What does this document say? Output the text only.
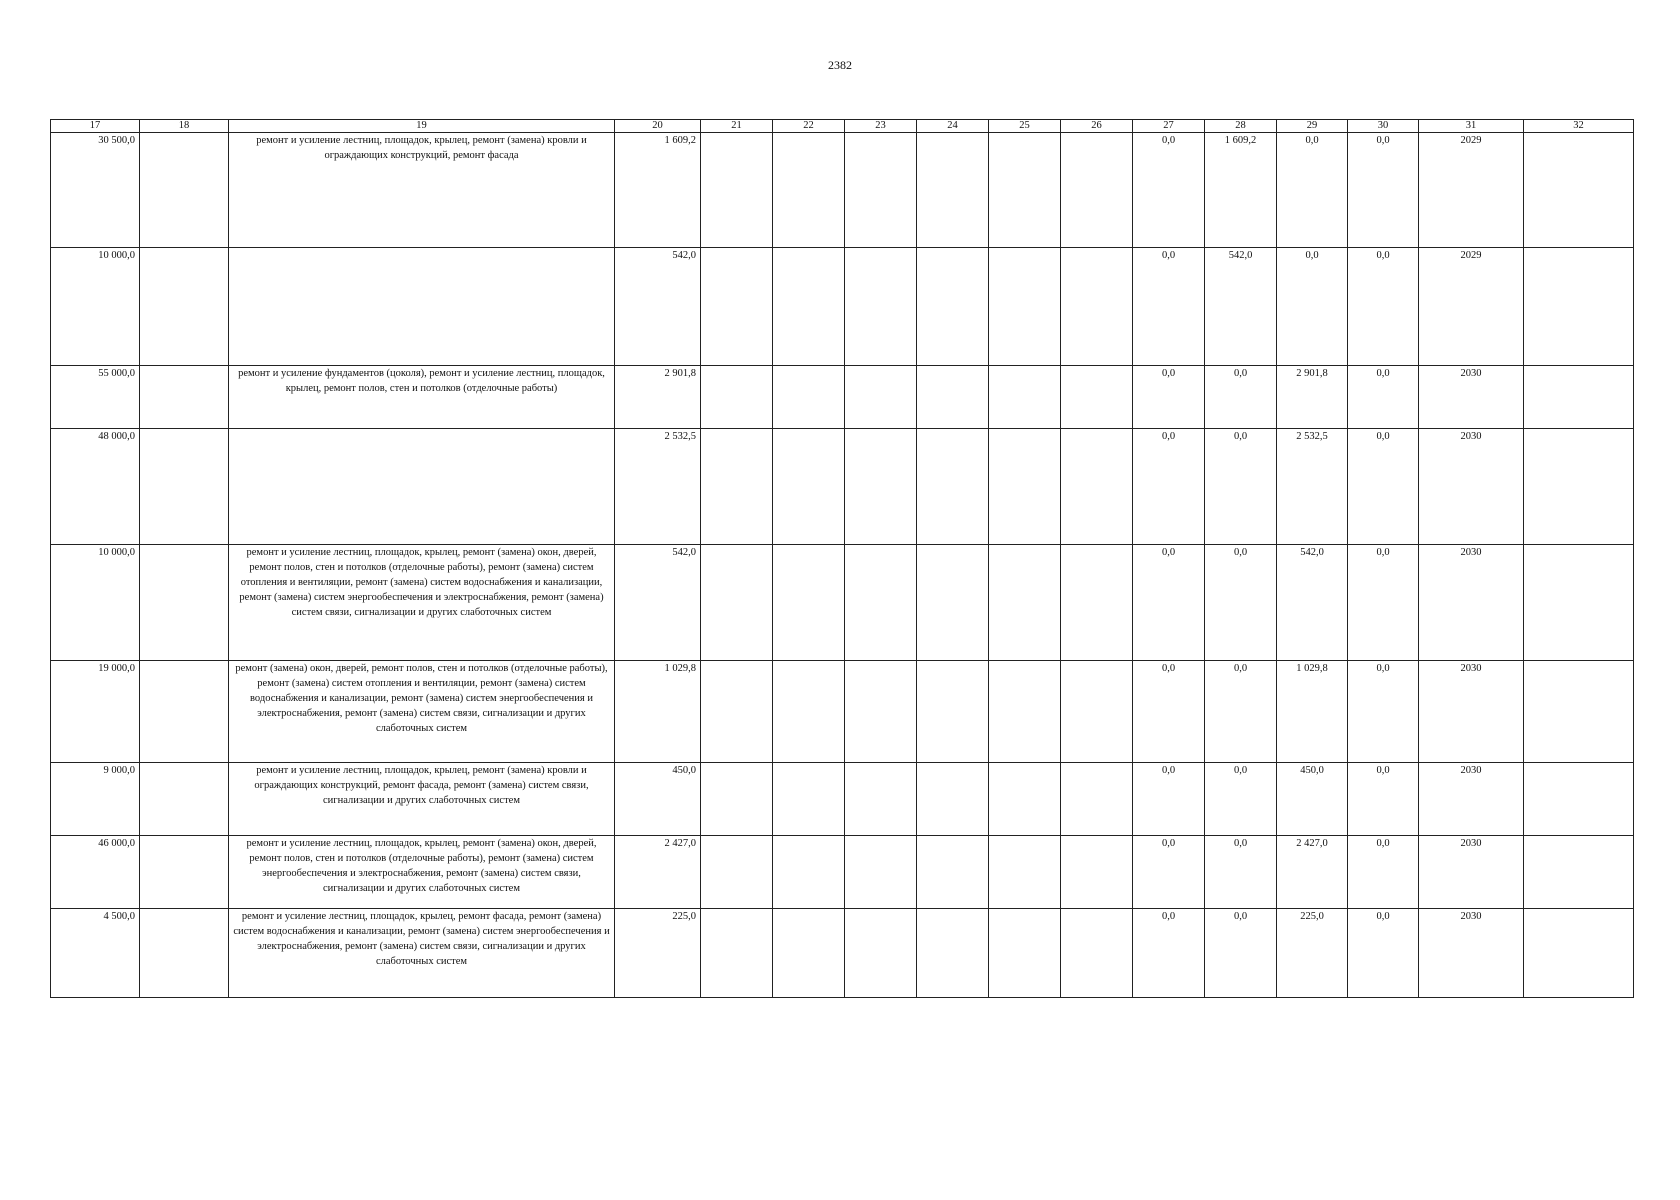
2382
17	18	19	20	21	22	23	24	25	26	27	28	29	30	31	32
30 500,0		ремонт и усиление лестниц, площадок, крылец, ремонт (замена) кровли и ограждающих конструкций, ремонт фасада	1 609,2							0,0	1 609,2	0,0	0,0	2029	
10 000,0			542,0							0,0	542,0	0,0	0,0	2029	
55 000,0		ремонт и усиление фундаментов (цоколя), ремонт и усиление лестниц, площадок, крылец, ремонт полов, стен и потолков (отделочные работы)	2 901,8							0,0	0,0	2 901,8	0,0	2030	
48 000,0			2 532,5							0,0	0,0	2 532,5	0,0	2030	
10 000,0		ремонт и усиление лестниц, площадок, крылец, ремонт (замена) окон, дверей, ремонт полов, стен и потолков (отделочные работы), ремонт (замена) систем отопления и вентиляции, ремонт (замена) систем водоснабжения и канализации, ремонт (замена) систем энергообеспечения и электроснабжения, ремонт (замена) систем связи, сигнализации и других слаботочных систем	542,0							0,0	0,0	542,0	0,0	2030	
19 000,0		ремонт (замена) окон, дверей, ремонт полов, стен и потолков (отделочные работы), ремонт (замена) систем отопления и вентиляции, ремонт (замена) систем водоснабжения и канализации, ремонт (замена) систем энергообеспечения и электроснабжения, ремонт (замена) систем связи, сигнализации и других слаботочных систем	1 029,8							0,0	0,0	1 029,8	0,0	2030	
9 000,0		ремонт и усиление лестниц, площадок, крылец, ремонт (замена) кровли и ограждающих конструкций, ремонт фасада, ремонт (замена) систем связи, сигнализации и других слаботочных систем	450,0							0,0	0,0	450,0	0,0	2030	
46 000,0		ремонт и усиление лестниц, площадок, крылец, ремонт (замена) окон, дверей, ремонт полов, стен и потолков (отделочные работы), ремонт (замена) систем энергообеспечения и электроснабжения, ремонт (замена) систем связи, сигнализации и других слаботочных систем	2 427,0							0,0	0,0	2 427,0	0,0	2030	
4 500,0		ремонт и усиление лестниц, площадок, крылец, ремонт фасада, ремонт (замена) систем водоснабжения и канализации, ремонт (замена) систем энергообеспечения и электроснабжения, ремонт (замена) систем связи, сигнализации и других слаботочных систем	225,0							0,0	0,0	225,0	0,0	2030	
